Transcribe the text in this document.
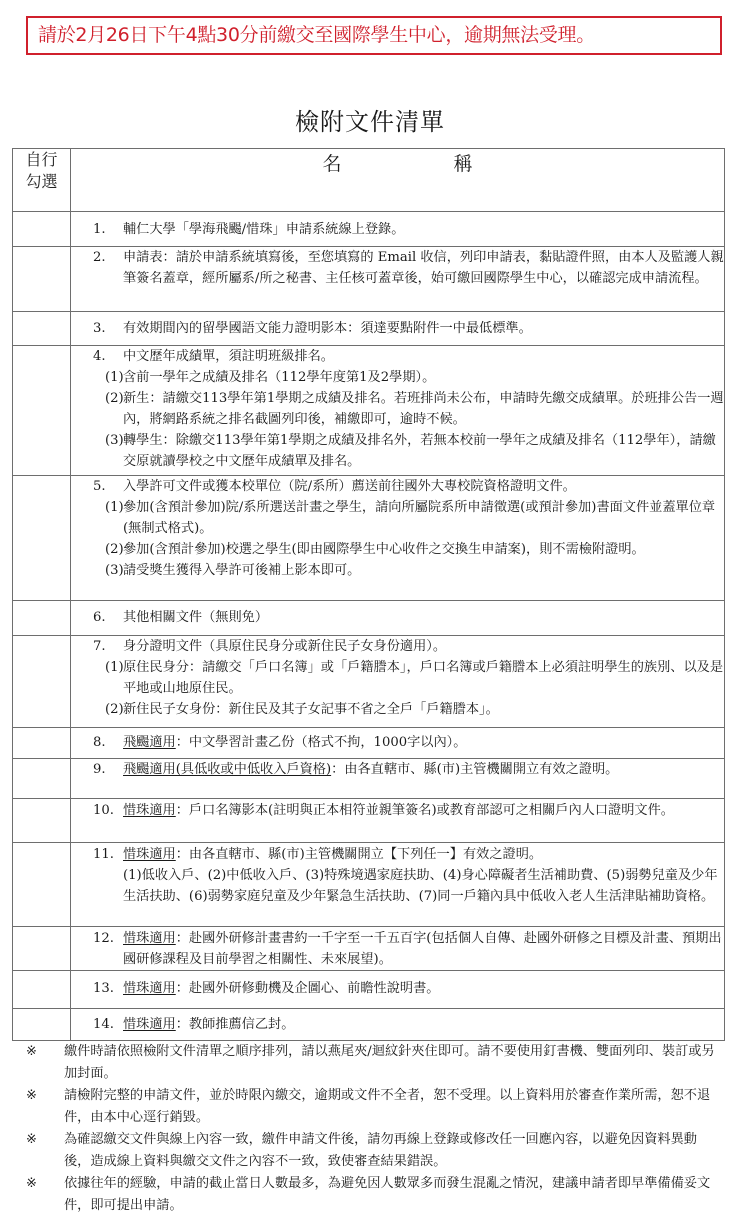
請於2月26日下午4點30分前繳交至國際學生中心，逾期無法受理。
檢附文件清單
自行
勾選	名 稱

	1. 輔仁大學「學海飛颺/惜珠」申請系統線上登錄。

	2. 申請表：請於申請系統填寫後，至您填寫的 Email 收信，列印申請表，黏貼證件照，由本人及監護人親筆簽名蓋章，經所屬系/所之秘書、主任核可蓋章後，始可繳回國際學生中心，以確認完成申請流程。

	3. 有效期間內的留學國語文能力證明影本：須達要點附件一中最低標準。

4. 中文歷年成績單，須註明班級排名。
(1) 含前一學年之成績及排名（112學年度第1及2學期）。
(2) 新生：請繳交113學年第1學期之成績及排名。若班排尚未公布，申請時先繳交成績單。於班排公告一週內，將網路系統之排名截圖列印後，補繳即可，逾時不候。
(3) 轉學生：除繳交113學年第1學期之成績及排名外，若無本校前一學年之成績及排名（112學年），請繳交原就讀學校之中文歷年成績單及排名。

5. 入學許可文件或獲本校單位（院/系所）薦送前往國外大專校院資格證明文件。
(1) 參加(含預計參加)院/系所選送計畫之學生，請向所屬院系所申請徵選(或預計參加)書面文件並蓋單位章(無制式格式)。
(2) 參加(含預計參加)校選之學生(即由國際學生中心收件之交換生申請案)，則不需檢附證明。
(3) 請受獎生獲得入學許可後補上影本即可。

	6. 其他相關文件（無則免）

7. 身分證明文件（具原住民身分或新住民子女身份適用）。
(1) 原住民身分：請繳交「戶口名簿」或「戶籍謄本」，戶口名簿或戶籍謄本上必須註明學生的族別、以及是平地或山地原住民。
(2) 新住民子女身份：新住民及其子女記事不省之全戶「戶籍謄本」。

	8. 飛颺適用：中文學習計畫乙份（格式不拘，1000字以內）。

	9. 飛颺適用(具低收或中低收入戶資格)：由各直轄市、縣(市)主管機關開立有效之證明。

	10. 惜珠適用：戶口名簿影本(註明與正本相符並親筆簽名)或教育部認可之相關戶內人口證明文件。

	11. 惜珠適用：由各直轄市、縣(市)主管機關開立【下列任一】有效之證明。
(1)低收入戶、(2)中低收入戶、(3)特殊境遇家庭扶助、(4)身心障礙者生活補助費、(5)弱勢兒童及少年生活扶助、(6)弱勢家庭兒童及少年緊急生活扶助、(7)同一戶籍內具中低收入老人生活津貼補助資格。

	12. 惜珠適用：赴國外研修計畫書約一千字至一千五百字(包括個人自傳、赴國外研修之目標及計畫、預期出國研修課程及目前學習之相關性、未來展望)。

	13. 惜珠適用：赴國外研修動機及企圖心、前瞻性說明書。

	14. 惜珠適用：教師推薦信乙封。
※ 繳件時請依照檢附文件清單之順序排列，請以燕尾夾/迴紋針夾住即可。請不要使用釘書機、雙面列印、裝訂或另加封面。
※ 請檢附完整的申請文件，並於時限內繳交，逾期或文件不全者，恕不受理。以上資料用於審查作業所需，恕不退件，由本中心逕行銷毀。
※ 為確認繳交文件與線上內容一致，繳件申請文件後，請勿再線上登錄或修改任一回應內容，以避免因資料異動後，造成線上資料與繳交文件之內容不一致，致使審查結果錯誤。
※ 依據往年的經驗，申請的截止當日人數最多，為避免因人數眾多而發生混亂之情況，建議申請者即早準備備妥文件，即可提出申請。
